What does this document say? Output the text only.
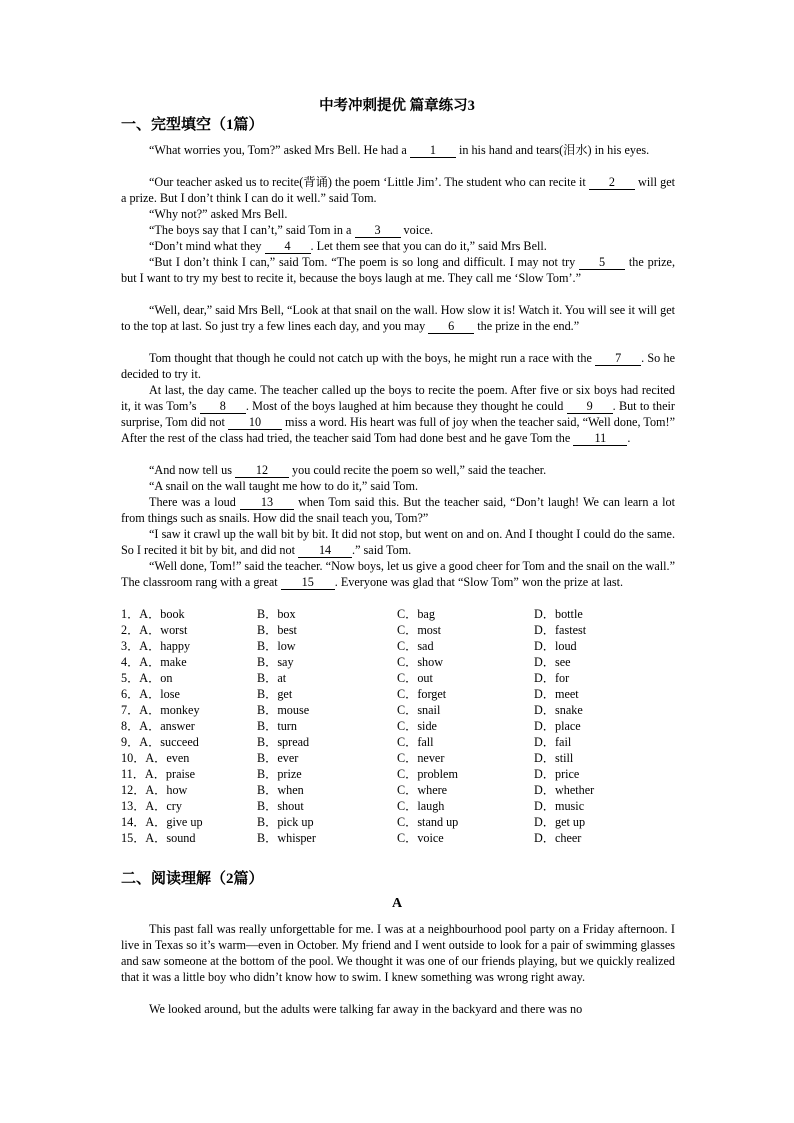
中考冲刺提优 篇章练习3
一、完型填空（1篇）
“What worries you, Tom?” asked Mrs Bell. He had a 1 in his hand and tears(泪水) in his eyes.
“Our teacher asked us to recite(背诵) the poem ‘Little Jim’. The student who can recite it 2 will get a prize. But I don’t think I can do it well.” said Tom.
“Why not?” asked Mrs Bell.
“The boys say that I can’t,” said Tom in a 3 voice.
“Don’t mind what they 4 . Let them see that you can do it,” said Mrs Bell.
“But I don’t think I can,” said Tom. “The poem is so long and difficult. I may not try 5 the prize, but I want to try my best to recite it, because the boys laugh at me. They call me ‘Slow Tom’.”
“Well, dear,” said Mrs Bell, “Look at that snail on the wall. How slow it is! Watch it. You will see it will get to the top at last. So just try a few lines each day, and you may 6 the prize in the end.”
Tom thought that though he could not catch up with the boys, he might run a race with the 7 . So he decided to try it.
At last, the day came. The teacher called up the boys to recite the poem. After five or six boys had recited it, it was Tom’s 8 . Most of the boys laughed at him because they thought he could 9 . But to their surprise, Tom did not 10 miss a word. His heart was full of joy when the teacher said, “Well done, Tom!” After the rest of the class had tried, the teacher said Tom had done best and he gave Tom the 11 .
“And now tell us 12 you could recite the poem so well,” said the teacher.
“A snail on the wall taught me how to do it,” said Tom.
There was a loud 13 when Tom said this. But the teacher said, “Don’t laugh! We can learn a lot from things such as snails. How did the snail teach you, Tom?”
“I saw it crawl up the wall bit by bit. It did not stop, but went on and on. And I thought I could do the same. So I recited it bit by bit, and did not 14 .” said Tom.
“Well done, Tom!” said the teacher. “Now boys, let us give a good cheer for Tom and the snail on the wall.” The classroom rang with a great 15 . Everyone was glad that “Slow Tom” won the prize at last.
1．A．book	B．box	C．bag	D．bottle
2．A．worst	B．best	C．most	D．fastest
3．A．happy	B．low	C．sad	D．loud
4．A．make	B．say	C．show	D．see
5．A．on	B．at	C．out	D．for
6．A．lose	B．get	C．forget	D．meet
7．A．monkey	B．mouse	C．snail	D．snake
8．A．answer	B．turn	C．side	D．place
9．A．succeed	B．spread	C．fall	D．fail
10．A．even	B．ever	C．never	D．still
11．A．praise	B．prize	C．problem	D．price
12．A．how	B．when	C．where	D．whether
13．A．cry	B．shout	C．laugh	D．music
14．A．give up	B．pick up	C．stand up	D．get up
15．A．sound	B．whisper	C．voice	D．cheer
二、阅读理解（2篇）
A
This past fall was really unforgettable for me. I was at a neighbourhood pool party on a Friday afternoon. I live in Texas so it’s warm—even in October. My friend and I went outside to look for a pair of swimming glasses and saw someone at the bottom of the pool. We thought it was one of our friends playing, but we quickly realized that it was a little boy who didn’t know how to swim. I knew something was wrong right away.
We looked around, but the adults were talking far away in the backyard and there was no
